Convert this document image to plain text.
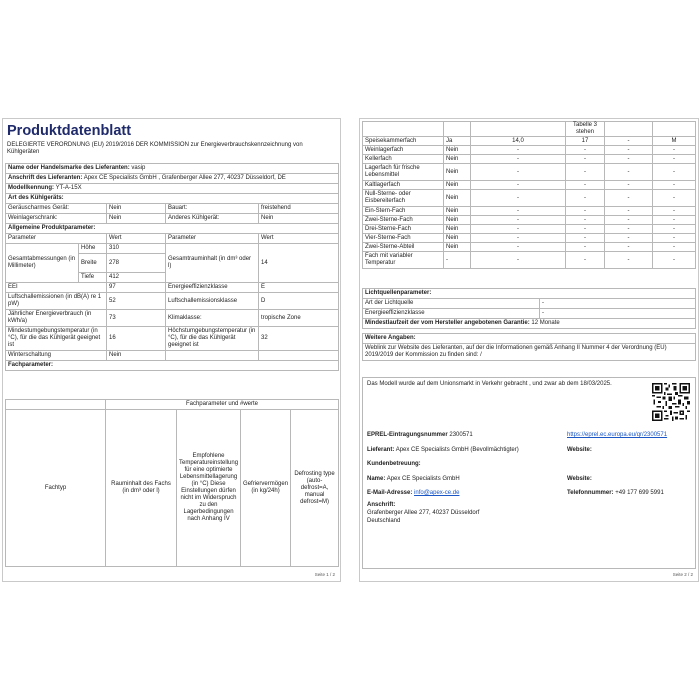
Produktdatenblatt
DELEGIERTE VERORDNUNG (EU) 2019/2016 DER KOMMISSION zur Energieverbrauchskennzeichnung von Kühlgeräten
Name oder Handelsmarke des Lieferanten: vasip				
Anschrift des Lieferanten: Apex CE Specialists GmbH , Grafenberger Allee 277, 40237 Düsseldorf, DE				
Modellkennung: YT-A-15X				
Art des Kühlgeräts:				
Geräuscharmes Gerät:		Nein	Bauart:	freistehend
Weinlagerschrank:		Nein	Anderes Kühlgerät:	Nein
Allgemeine Produktparameter:				
Parameter		Wert	Parameter	Wert
Gesamtabmessungen (in Millimeter)	Höhe	310	Gesamtrauminhalt (in dm³ oder l)	14
	Breite	278		
	Tiefe	412		
EEI		97	Energieeffizienzklasse	E
Luftschallemissionen (in dB(A) re 1 pW)		52	Luftschallemissionsklasse	D
Jährlicher Energieverbrauch (in kWh/a)		73	Klimaklasse:	tropische Zone
Mindestumgebungstemperatur (in °C), für die das Kühlgerät geeignet ist		16	Höchstumgebungstemperatur (in °C), für die das Kühlgerät geeignet ist	32
Winterschaltung		Nein		
Fachparameter:				
	Fachparameter und #werte			
Fachtyp	Rauminhalt des Fachs (in dm³ oder l)	Empfohlene Temperatureinstellung für eine optimierte Lebensmittellagerung (in °C) Diese Einstellungen dürfen nicht im Widerspruch zu den Lagerbedingungen nach Anhang IV	Gefriervermögen (in kg/24h)	Defrosting type (auto-defrost=A, manual defrost=M)
Seite 1 / 2
			Tabelle 3 stehen		
Speisekammerfach	Ja	14,0	17	-	M
Weinlagerfach	Nein	-	-	-	-
Kellerfach	Nein	-	-	-	-
Lagerfach für frische Lebensmittel	Nein	-	-	-	-
Kaltlagerfach	Nein	-	-	-	-
Null-Sterne- oder Eisbereiterfach	Nein	-	-	-	-
Ein-Stern-Fach	Nein	-	-	-	-
Zwei-Sterne-Fach	Nein	-	-	-	-
Drei-Sterne-Fach	Nein	-	-	-	-
Vier-Sterne-Fach	Nein	-	-	-	-
Zwei-Sterne-Abteil	Nein	-	-	-	-
Fach mit variabler Temperatur	-	-	-	-	-
Lichtquellenparameter:	
Art der Lichtquelle	-
Energieeffizienzklasse	-
Mindestlaufzeit der vom Hersteller angebotenen Garantie: 12 Monate	

Weitere Angaben:	
Weblink zur Website des Lieferanten, auf der die Informationen gemäß Anhang II Nummer 4 der Verordnung (EU) 2019/2019 der Kommission zu finden sind: /	
Das Modell wurde auf dem Unionsmarkt in Verkehr gebracht , und zwar ab dem 18/03/2025.
EPREL-Eintragungsnummer 2300571	https://eprel.ec.europa.eu/qr/2300571
Lieferant: Apex CE Specialists GmbH (Bevollmächtigter)	Website:
Kundenbetreuung:
Name: Apex CE Specialists GmbH	Website:
E-Mail-Adresse: info@apex-ce.de	Telefonnummer: +49 177 699 5991
Anschrift:
Grafenberger Allee 277, 40237 Düsseldorf
Deutschland
Seite 2 / 2
